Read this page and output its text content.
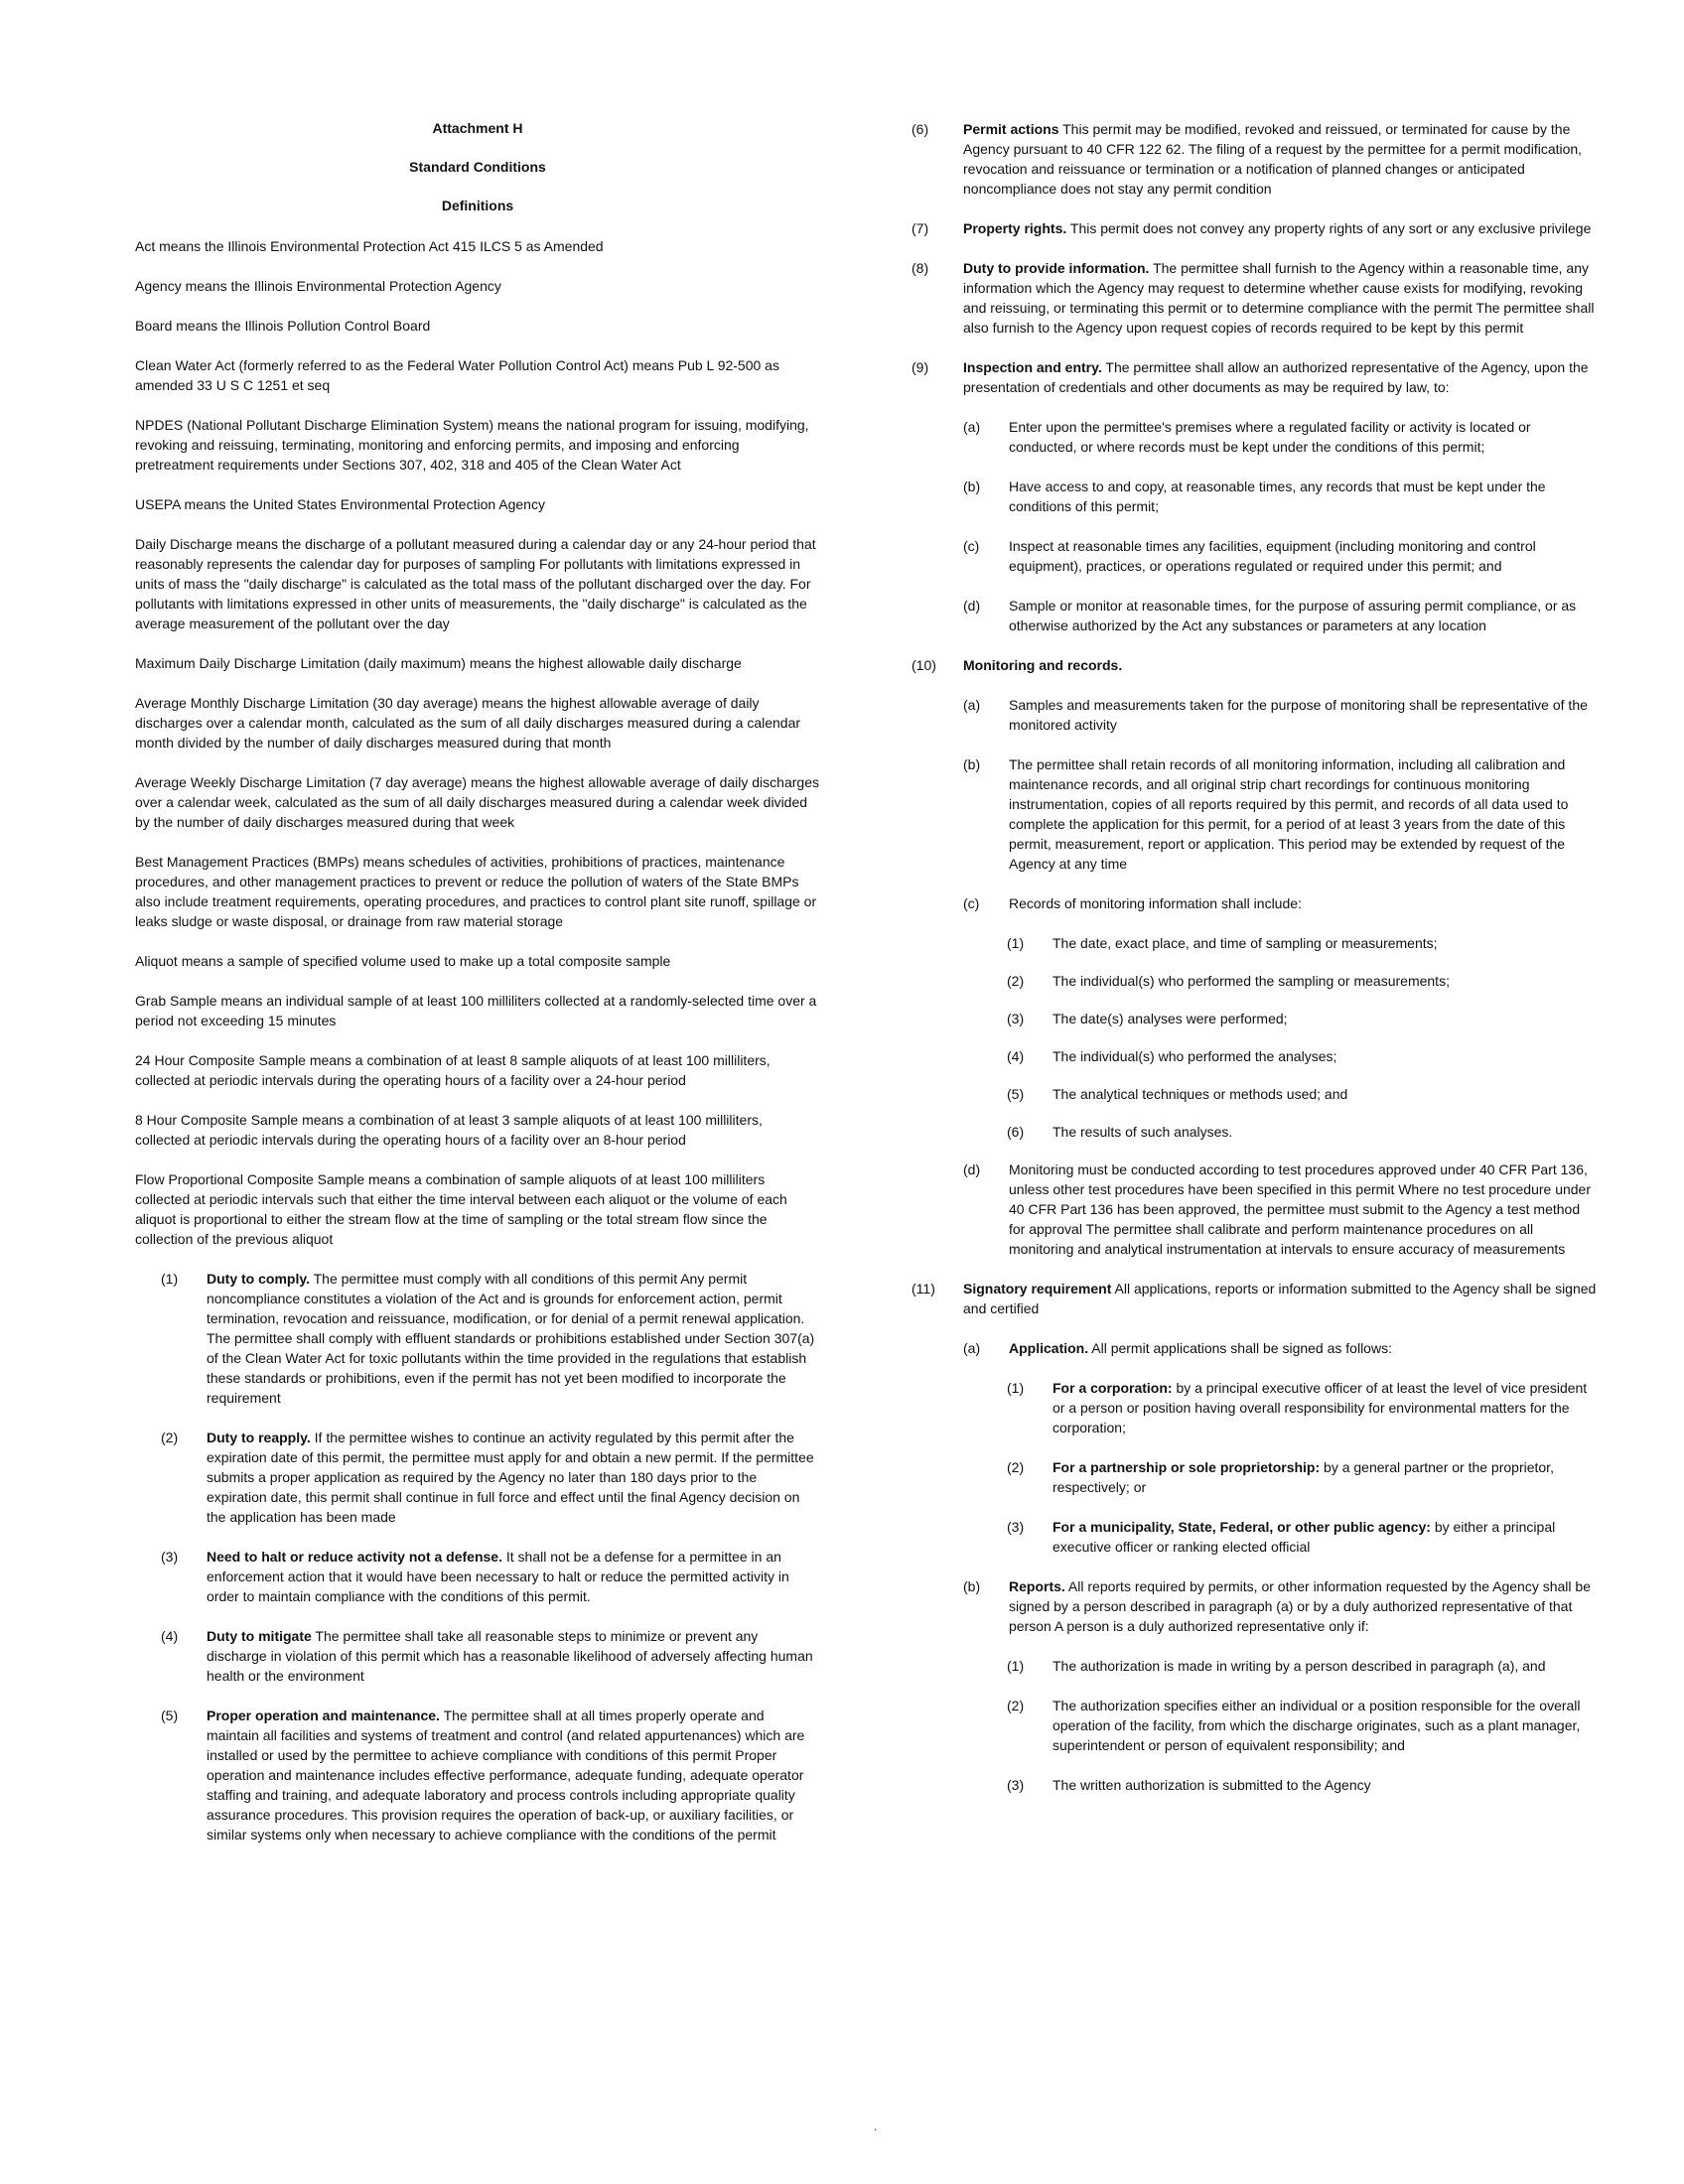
Attachment H
Standard Conditions
Definitions

Act means the Illinois Environmental Protection Act 415 ILCS 5 as Amended

Agency means the Illinois Environmental Protection Agency

Board means the Illinois Pollution Control Board

Clean Water Act (formerly referred to as the Federal Water Pollution Control Act) means Pub L 92-500 as amended 33 U S C 1251 et seq

NPDES (National Pollutant Discharge Elimination System) means the national program for issuing, modifying, revoking and reissuing, terminating, monitoring and enforcing permits, and imposing and enforcing pretreatment requirements under Sections 307, 402, 318 and 405 of the Clean Water Act

USEPA means the United States Environmental Protection Agency

Daily Discharge means the discharge of a pollutant measured during a calendar day or any 24-hour period that reasonably represents the calendar day for purposes of sampling For pollutants with limitations expressed in units of mass the "daily discharge" is calculated as the total mass of the pollutant discharged over the day. For pollutants with limitations expressed in other units of measurements, the "daily discharge" is calculated as the average measurement of the pollutant over the day

Maximum Daily Discharge Limitation (daily maximum) means the highest allowable daily discharge

Average Monthly Discharge Limitation (30 day average) means the highest allowable average of daily discharges over a calendar month, calculated as the sum of all daily discharges measured during a calendar month divided by the number of daily discharges measured during that month

Average Weekly Discharge Limitation (7 day average) means the highest allowable average of daily discharges over a calendar week, calculated as the sum of all daily discharges measured during a calendar week divided by the number of daily discharges measured during that week

Best Management Practices (BMPs) means schedules of activities, prohibitions of practices, maintenance procedures, and other management practices to prevent or reduce the pollution of waters of the State BMPs also include treatment requirements, operating procedures, and practices to control plant site runoff, spillage or leaks sludge or waste disposal, or drainage from raw material storage

Aliquot means a sample of specified volume used to make up a total composite sample

Grab Sample means an individual sample of at least 100 milliliters collected at a randomly-selected time over a period not exceeding 15 minutes

24 Hour Composite Sample means a combination of at least 8 sample aliquots of at least 100 milliliters, collected at periodic intervals during the operating hours of a facility over a 24-hour period

8 Hour Composite Sample means a combination of at least 3 sample aliquots of at least 100 milliliters, collected at periodic intervals during the operating hours of a facility over an 8-hour period

Flow Proportional Composite Sample means a combination of sample aliquots of at least 100 milliliters collected at periodic intervals such that either the time interval between each aliquot or the volume of each aliquot is proportional to either the stream flow at the time of sampling or the total stream flow since the collection of the previous aliquot

(1) Duty to comply. The permittee must comply with all conditions of this permit Any permit noncompliance constitutes a violation of the Act and is grounds for enforcement action, permit termination, revocation and reissuance, modification, or for denial of a permit renewal application. The permittee shall comply with effluent standards or prohibitions established under Section 307(a) of the Clean Water Act for toxic pollutants within the time provided in the regulations that establish these standards or prohibitions, even if the permit has not yet been modified to incorporate the requirement
(2) Duty to reapply. If the permittee wishes to continue an activity regulated by this permit after the expiration date of this permit, the permittee must apply for and obtain a new permit. If the permittee submits a proper application as required by the Agency no later than 180 days prior to the expiration date, this permit shall continue in full force and effect until the final Agency decision on the application has been made
(3) Need to halt or reduce activity not a defense. It shall not be a defense for a permittee in an enforcement action that it would have been necessary to halt or reduce the permitted activity in order to maintain compliance with the conditions of this permit.
(4) Duty to mitigate The permittee shall take all reasonable steps to minimize or prevent any discharge in violation of this permit which has a reasonable likelihood of adversely affecting human health or the environment
(5) Proper operation and maintenance. The permittee shall at all times properly operate and maintain all facilities and systems of treatment and control (and related appurtenances) which are installed or used by the permittee to achieve compliance with conditions of this permit Proper operation and maintenance includes effective performance, adequate funding, adequate operator staffing and training, and adequate laboratory and process controls including appropriate quality assurance procedures. This provision requires the operation of back-up, or auxiliary facilities, or similar systems only when necessary to achieve compliance with the conditions of the permit
(6) Permit actions This permit may be modified, revoked and reissued, or terminated for cause by the Agency pursuant to 40 CFR 122 62. The filing of a request by the permittee for a permit modification, revocation and reissuance or termination or a notification of planned changes or anticipated noncompliance does not stay any permit condition
(7) Property rights. This permit does not convey any property rights of any sort or any exclusive privilege
(8) Duty to provide information. The permittee shall furnish to the Agency within a reasonable time, any information which the Agency may request to determine whether cause exists for modifying, revoking and reissuing, or terminating this permit or to determine compliance with the permit The permittee shall also furnish to the Agency upon request copies of records required to be kept by this permit
(9) Inspection and entry. The permittee shall allow an authorized representative of the Agency, upon the presentation of credentials and other documents as may be required by law, to:
(a) Enter upon the permittee's premises where a regulated facility or activity is located or conducted, or where records must be kept under the conditions of this permit;
(b) Have access to and copy, at reasonable times, any records that must be kept under the conditions of this permit;
(c) Inspect at reasonable times any facilities, equipment (including monitoring and control equipment), practices, or operations regulated or required under this permit; and
(d) Sample or monitor at reasonable times, for the purpose of assuring permit compliance, or as otherwise authorized by the Act any substances or parameters at any location
(10) Monitoring and records.
(a) Samples and measurements taken for the purpose of monitoring shall be representative of the monitored activity
(b) The permittee shall retain records of all monitoring information, including all calibration and maintenance records, and all original strip chart recordings for continuous monitoring instrumentation, copies of all reports required by this permit, and records of all data used to complete the application for this permit, for a period of at least 3 years from the date of this permit, measurement, report or application. This period may be extended by request of the Agency at any time
(c) Records of monitoring information shall include:
(1) The date, exact place, and time of sampling or measurements;
(2) The individual(s) who performed the sampling or measurements;
(3) The date(s) analyses were performed;
(4) The individual(s) who performed the analyses;
(5) The analytical techniques or methods used; and
(6) The results of such analyses.
(d) Monitoring must be conducted according to test procedures approved under 40 CFR Part 136, unless other test procedures have been specified in this permit Where no test procedure under 40 CFR Part 136 has been approved, the permittee must submit to the Agency a test method for approval The permittee shall calibrate and perform maintenance procedures on all monitoring and analytical instrumentation at intervals to ensure accuracy of measurements
(11) Signatory requirement All applications, reports or information submitted to the Agency shall be signed and certified
(a) Application. All permit applications shall be signed as follows:
(1) For a corporation: by a principal executive officer of at least the level of vice president or a person or position having overall responsibility for environmental matters for the corporation;
(2) For a partnership or sole proprietorship: by a general partner or the proprietor, respectively; or
(3) For a municipality, State, Federal, or other public agency: by either a principal executive officer or ranking elected official
(b) Reports. All reports required by permits, or other information requested by the Agency shall be signed by a person described in paragraph (a) or by a duly authorized representative of that person A person is a duly authorized representative only if:
(1) The authorization is made in writing by a person described in paragraph (a), and
(2) The authorization specifies either an individual or a position responsible for the overall operation of the facility, from which the discharge originates, such as a plant manager, superintendent or person of equivalent responsibility; and
(3) The written authorization is submitted to the Agency
.
